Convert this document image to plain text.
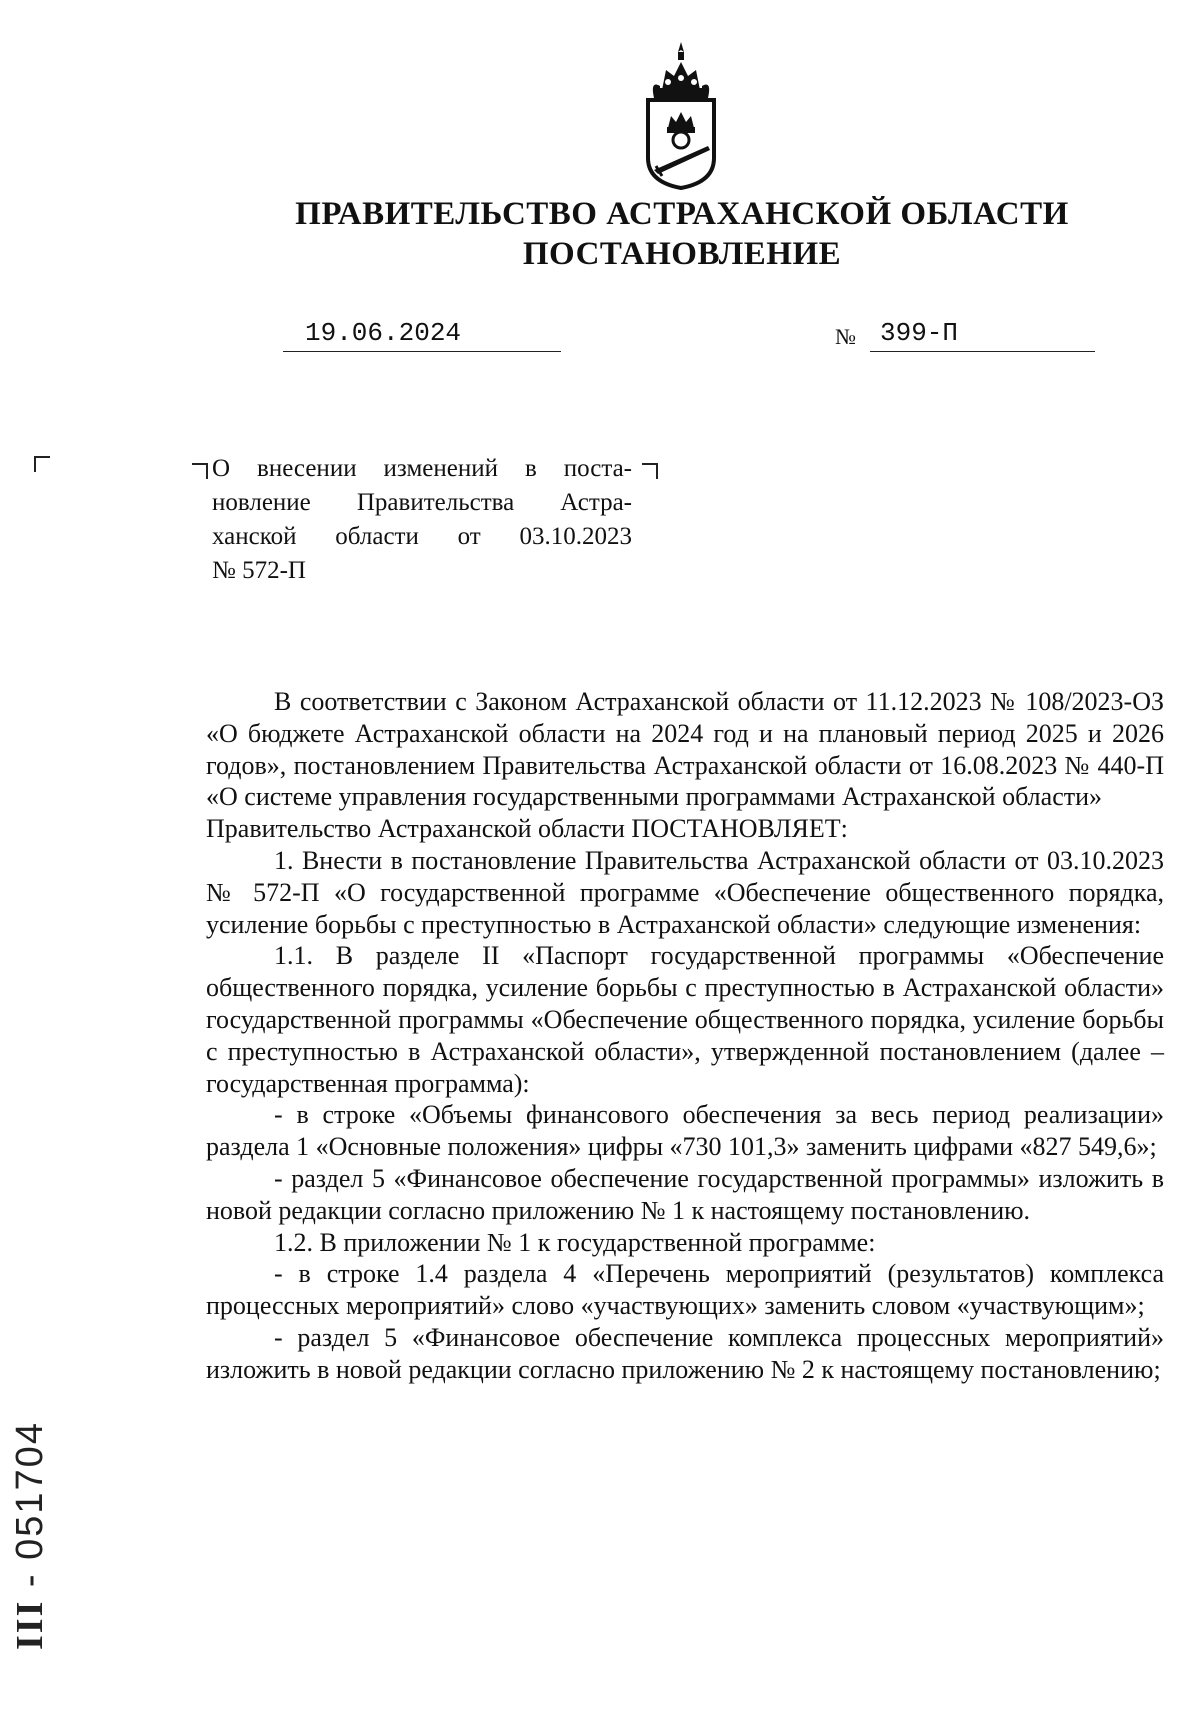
ПРАВИТЕЛЬСТВО АСТРАХАНСКОЙ ОБЛАСТИ
ПОСТАНОВЛЕНИЕ
19.06.2024	№ 399-П
О внесении изменений в поста-
новление Правительства Астра-
ханской области от 03.10.2023
№ 572-П

В соответствии с Законом Астраханской области от 11.12.2023 № 108/2023-ОЗ «О бюджете Астраханской области на 2024 год и на плановый период 2025 и 2026 годов», постановлением Правительства Астраханской области от 16.08.2023 № 440-П «О системе управления государственными программами Астраханской области»

Правительство Астраханской области ПОСТАНОВЛЯЕТ:

1. Внести в постановление Правительства Астраханской области от 03.10.2023 № 572-П «О государственной программе «Обеспечение общественного порядка, усиление борьбы с преступностью в Астраханской области» следующие изменения:

1.1. В разделе II «Паспорт государственной программы «Обеспечение общественного порядка, усиление борьбы с преступностью в Астраханской области» государственной программы «Обеспечение общественного порядка, усиление борьбы с преступностью в Астраханской области», утвержденной постановлением (далее – государственная программа):

- в строке «Объемы финансового обеспечения за весь период реализации» раздела 1 «Основные положения» цифры «730 101,3» заменить цифрами «827 549,6»;

- раздел 5 «Финансовое обеспечение государственной программы» изложить в новой редакции согласно приложению № 1 к настоящему постановлению.

1.2. В приложении № 1 к государственной программе:

- в строке 1.4 раздела 4 «Перечень мероприятий (результатов) комплекса процессных мероприятий» слово «участвующих» заменить словом «участвующим»;

- раздел 5 «Финансовое обеспечение комплекса процессных мероприятий» изложить в новой редакции согласно приложению № 2 к настоящему постановлению;

III - 051704
